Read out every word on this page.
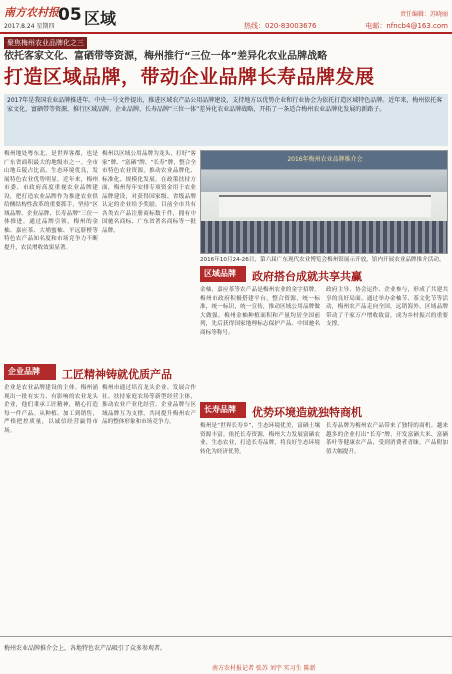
南方农村报
2017.8.24 星期四
05 区域	热线：020-83003676
责任编辑：苏晓丽
电邮：nfncb4@163.com
聚焦梅州农业品牌化之三
依托客家文化、富硒带等资源，梅州推行“三位一体”差异化农业品牌战略
打造区域品牌，带动企业品牌长寿品牌发展
2017年是我国农业品牌推进年。中央一号文件提出，推进区域农产品公用品牌建设，支持地方以优势企业和行业协会为依托打造区域特色品牌。近年来，梅州依托客家文化、富硒带等资源，推行区域品牌、企业品牌、长寿品牌“三位一体”差异化农业品牌战略，开拓了一条适合梅州农业品牌化发展的新路子。
梅州地处粤东北，是世界客都，也是广东省面积最大的地级市之一。全市山地丘陵占比高，生态环境优良，发展特色农业优势明显。近年来，梅州市委、市政府高度重视农业品牌建设，把打造农业品牌作为推进农业供给侧结构性改革的重要抓手，坚持“区域品牌、企业品牌、长寿品牌”三位一体推进。通过品牌引领，梅州的金柚、嘉应茶、大埔蜜柚、平远脐橙等特色农产品知名度和市场竞争力不断提升，农民增收效果显著。
梅州以区域公用品牌为龙头，打好“客家”牌、“富硒”牌、“长寿”牌，整合全市特色农业资源，推动农业品牌化、标准化、规模化发展。在政策扶持方面，梅州每年安排专项资金用于农业品牌建设，对获得国家级、省级品牌认定的企业给予奖励。目前全市共有各类农产品注册商标数千件，拥有中国驰名商标、广东省著名商标等一批品牌。
2016年梅州农业品牌推介会
2016年10月24-26日，第六届广东现代农业博览会梅州馆展示开放，馆内开展农业品牌推介活动。
区域品牌	政府搭台成就共享共赢
金柚、嘉应茶等农产品是梅州农业的金字招牌。梅州市政府积极搭建平台，整合资源，统一标准，统一标识，统一宣传，推动区域公用品牌做大做强。梅州金柚种植面积和产量均居全国前列，先后获得国家地理标志保护产品、中国驰名商标等称号。
政府主导、协会运作、企业参与，形成了共建共享的良好局面。通过举办金柚节、茶文化节等活动，梅州农产品走向全国，远销海外。区域品牌带动了千家万户增收致富，成为乡村振兴的重要支撑。
企业品牌	工匠精神铸就优质产品
企业是农业品牌建设的主体。梅州涌现出一批有实力、有影响的农业龙头企业，他们秉承工匠精神，精心打造每一件产品。从种植、加工到销售，严格把控质量，以诚信经营赢得市场。
梅州市通过培育龙头企业、发展合作社、扶持家庭农场等新型经营主体，推动农业产业化经营。企业品牌与区域品牌互为支撑，共同提升梅州农产品的整体形象和市场竞争力。
长寿品牌	优势环境造就独特商机
梅州是“世界长寿乡”，生态环境优美，富硒土壤资源丰富。依托长寿资源，梅州大力发展富硒农业、生态农业，打造长寿品牌，将良好生态环境转化为经济优势。
长寿品牌为梅州农产品带来了独特的商机。越来越多的企业打出“长寿”牌，开发富硒大米、富硒茶叶等健康农产品，受到消费者青睐，产品附加值大幅提升。
梅州农业品牌推介会上，各地特色农产品吸引了众多参观者。
南方农村报记者 张苏 刘宇 实习生 陈新
